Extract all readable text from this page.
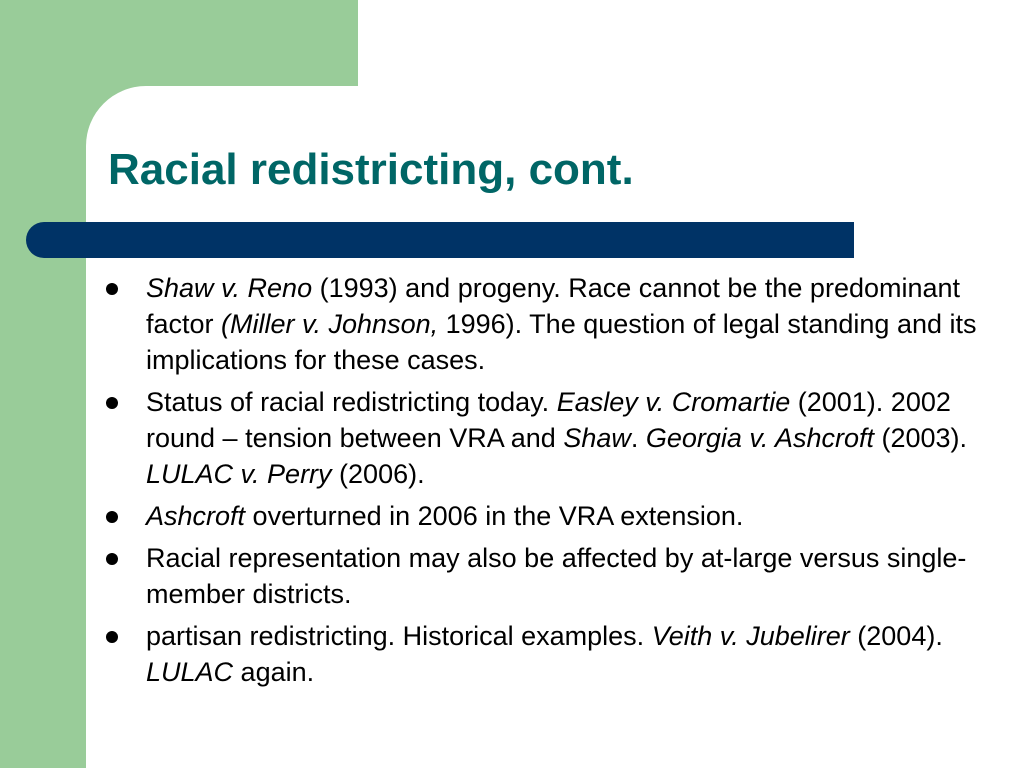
Racial redistricting, cont.
Shaw v. Reno (1993) and progeny. Race cannot be the predominant factor (Miller v. Johnson, 1996). The question of legal standing and its implications for these cases.
Status of racial redistricting today. Easley v. Cromartie (2001). 2002 round – tension between VRA and Shaw. Georgia v. Ashcroft (2003). LULAC v. Perry (2006).
Ashcroft overturned in 2006 in the VRA extension.
Racial representation may also be affected by at-large versus single-member districts.
partisan redistricting. Historical examples. Veith v. Jubelirer (2004). LULAC again.
